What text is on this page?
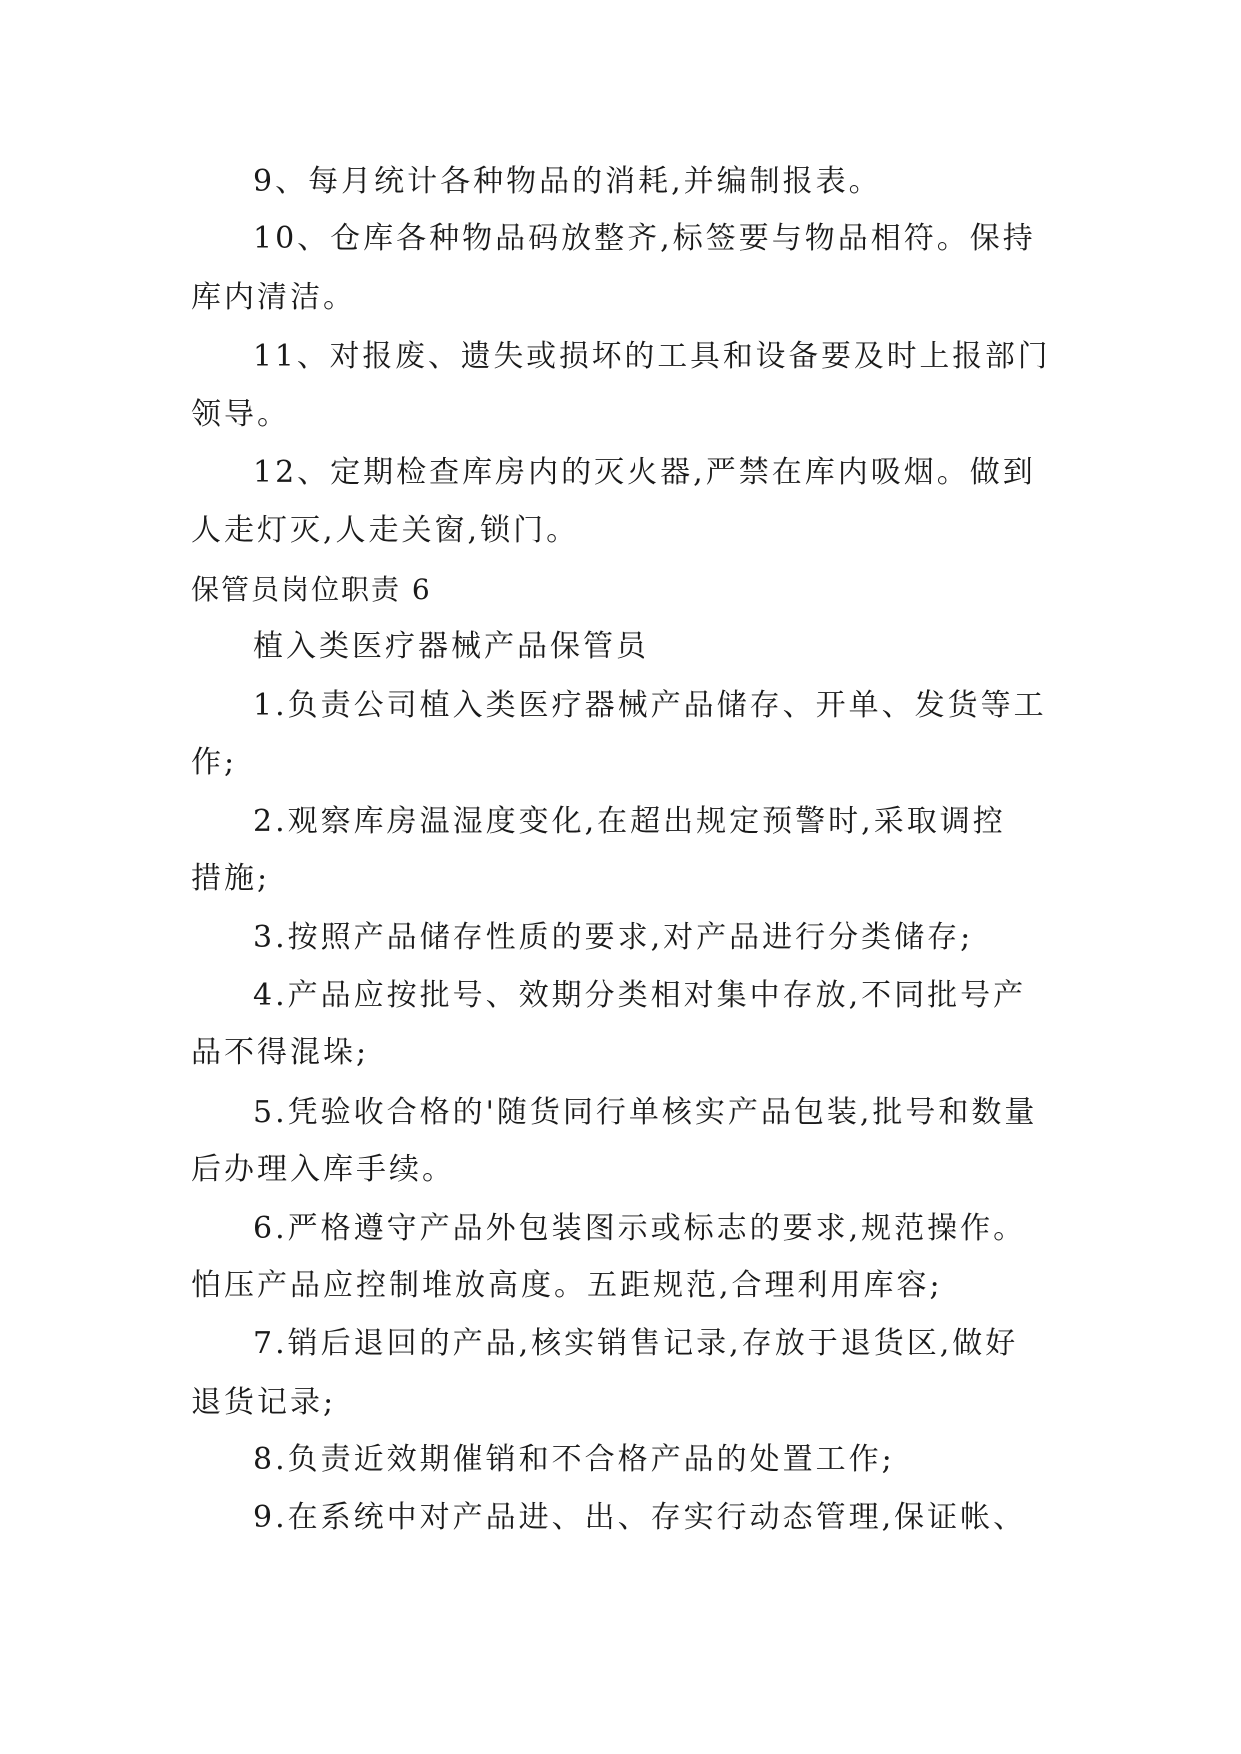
9、每月统计各种物品的消耗,并编制报表。
10、仓库各种物品码放整齐,标签要与物品相符。保持
库内清洁。
11、对报废、遗失或损坏的工具和设备要及时上报部门
领导。
12、定期检查库房内的灭火器,严禁在库内吸烟。做到
人走灯灭,人走关窗,锁门。
保管员岗位职责 6
植入类医疗器械产品保管员
1.负责公司植入类医疗器械产品储存、开单、发货等工
作;
2.观察库房温湿度变化,在超出规定预警时,采取调控
措施;
3.按照产品储存性质的要求,对产品进行分类储存;
4.产品应按批号、效期分类相对集中存放,不同批号产
品不得混垛;
5.凭验收合格的'随货同行单核实产品包装,批号和数量
后办理入库手续。
6.严格遵守产品外包装图示或标志的要求,规范操作。
怕压产品应控制堆放高度。五距规范,合理利用库容;
7.销后退回的产品,核实销售记录,存放于退货区,做好
退货记录;
8.负责近效期催销和不合格产品的处置工作;
9.在系统中对产品进、出、存实行动态管理,保证帐、
